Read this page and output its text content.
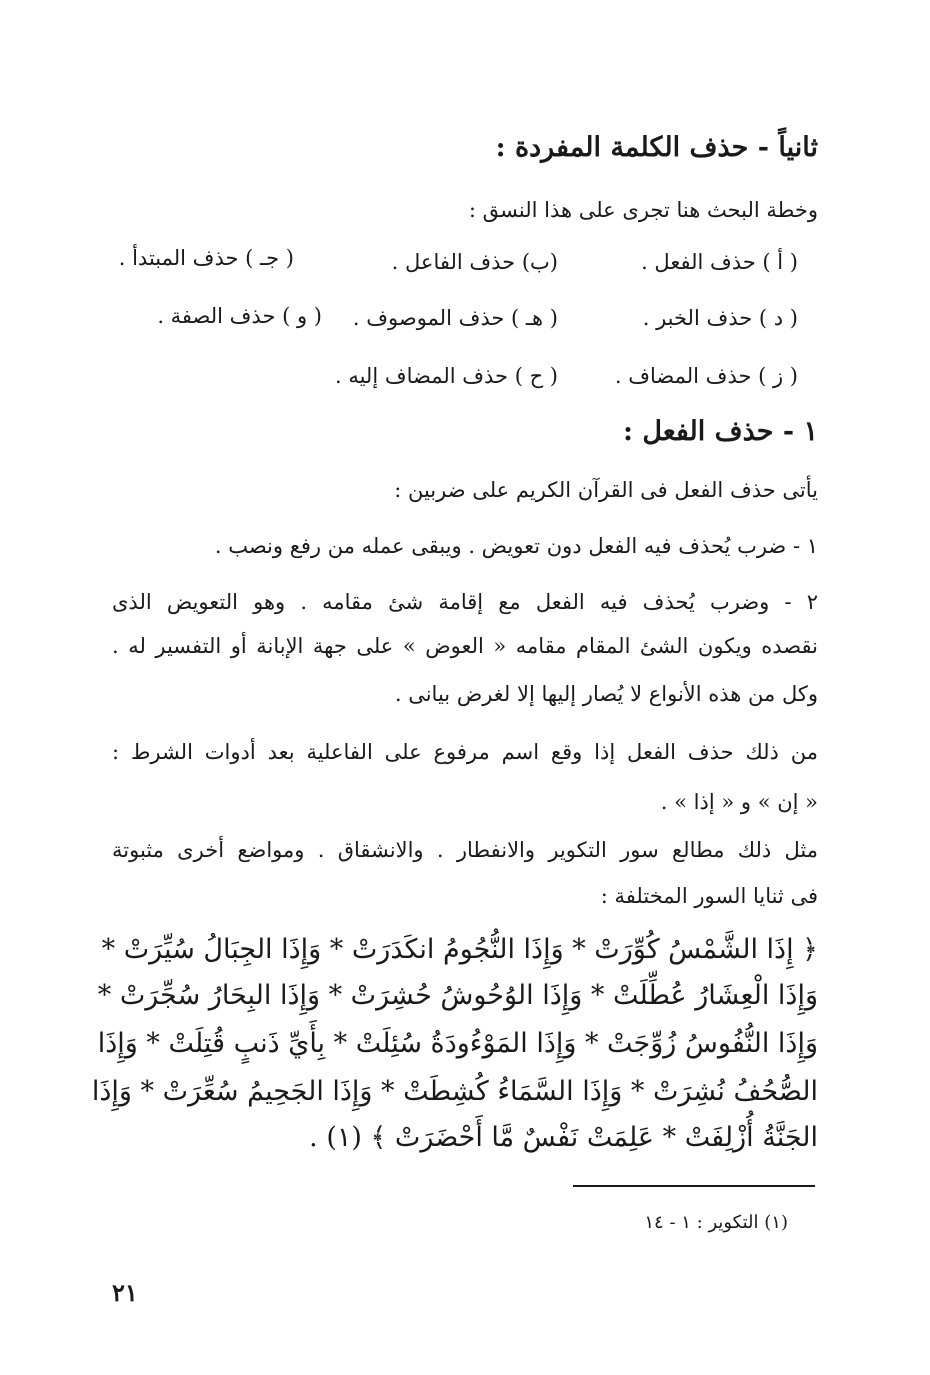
ثانياً - حذف الكلمة المفردة :
وخطة البحث هنا تجرى على هذا النسق :
( أ ) حذف الفعل .
(ب) حذف الفاعل .
( جـ ) حذف المبتدأ .
( د ) حذف الخبر .
( هـ ) حذف الموصوف .
( و ) حذف الصفة .
( ز ) حذف المضاف .
( ح ) حذف المضاف إليه .
١ - حذف الفعل :
يأتى حذف الفعل فى القرآن الكريم على ضربين :
١ - ضرب يُحذف فيه الفعل دون تعويض . ويبقى عمله من رفع ونصب .
٢ - وضرب يُحذف فيه الفعل مع إقامة شئ مقامه . وهو التعويض الذى
نقصده ويكون الشئ المقام مقامه « العوض » على جهة الإبانة أو التفسير له .
وكل من هذه الأنواع لا يُصار إليها إلا لغرض بيانى .
من ذلك حذف الفعل إذا وقع اسم مرفوع على الفاعلية بعد أدوات الشرط :
« إن » و « إذا » .
مثل ذلك مطالع سور التكوير والانفطار . والانشقاق . ومواضع أخرى مثبوتة
فى ثنايا السور المختلفة :
﴿ إِذَا الشَّمْسُ كُوِّرَتْ * وَإِذَا النُّجُومُ انكَدَرَتْ * وَإِذَا الجِبَالُ سُيِّرَتْ *
وَإِذَا الْعِشَارُ عُطِّلَتْ * وَإِذَا الوُحُوشُ حُشِرَتْ * وَإِذَا البِحَارُ سُجِّرَتْ *
وَإِذَا النُّفُوسُ زُوِّجَتْ * وَإِذَا المَوْءُودَةُ سُئِلَتْ * بِأَيِّ ذَنبٍ قُتِلَتْ * وَإِذَا
الصُّحُفُ نُشِرَتْ * وَإِذَا السَّمَاءُ كُشِطَتْ * وَإِذَا الجَحِيمُ سُعِّرَتْ * وَإِذَا
الجَنَّةُ أُزْلِفَتْ * عَلِمَتْ نَفْسٌ مَّا أَحْضَرَتْ ﴾ (١) .
(١) التكوير : ١ - ١٤
٢١
